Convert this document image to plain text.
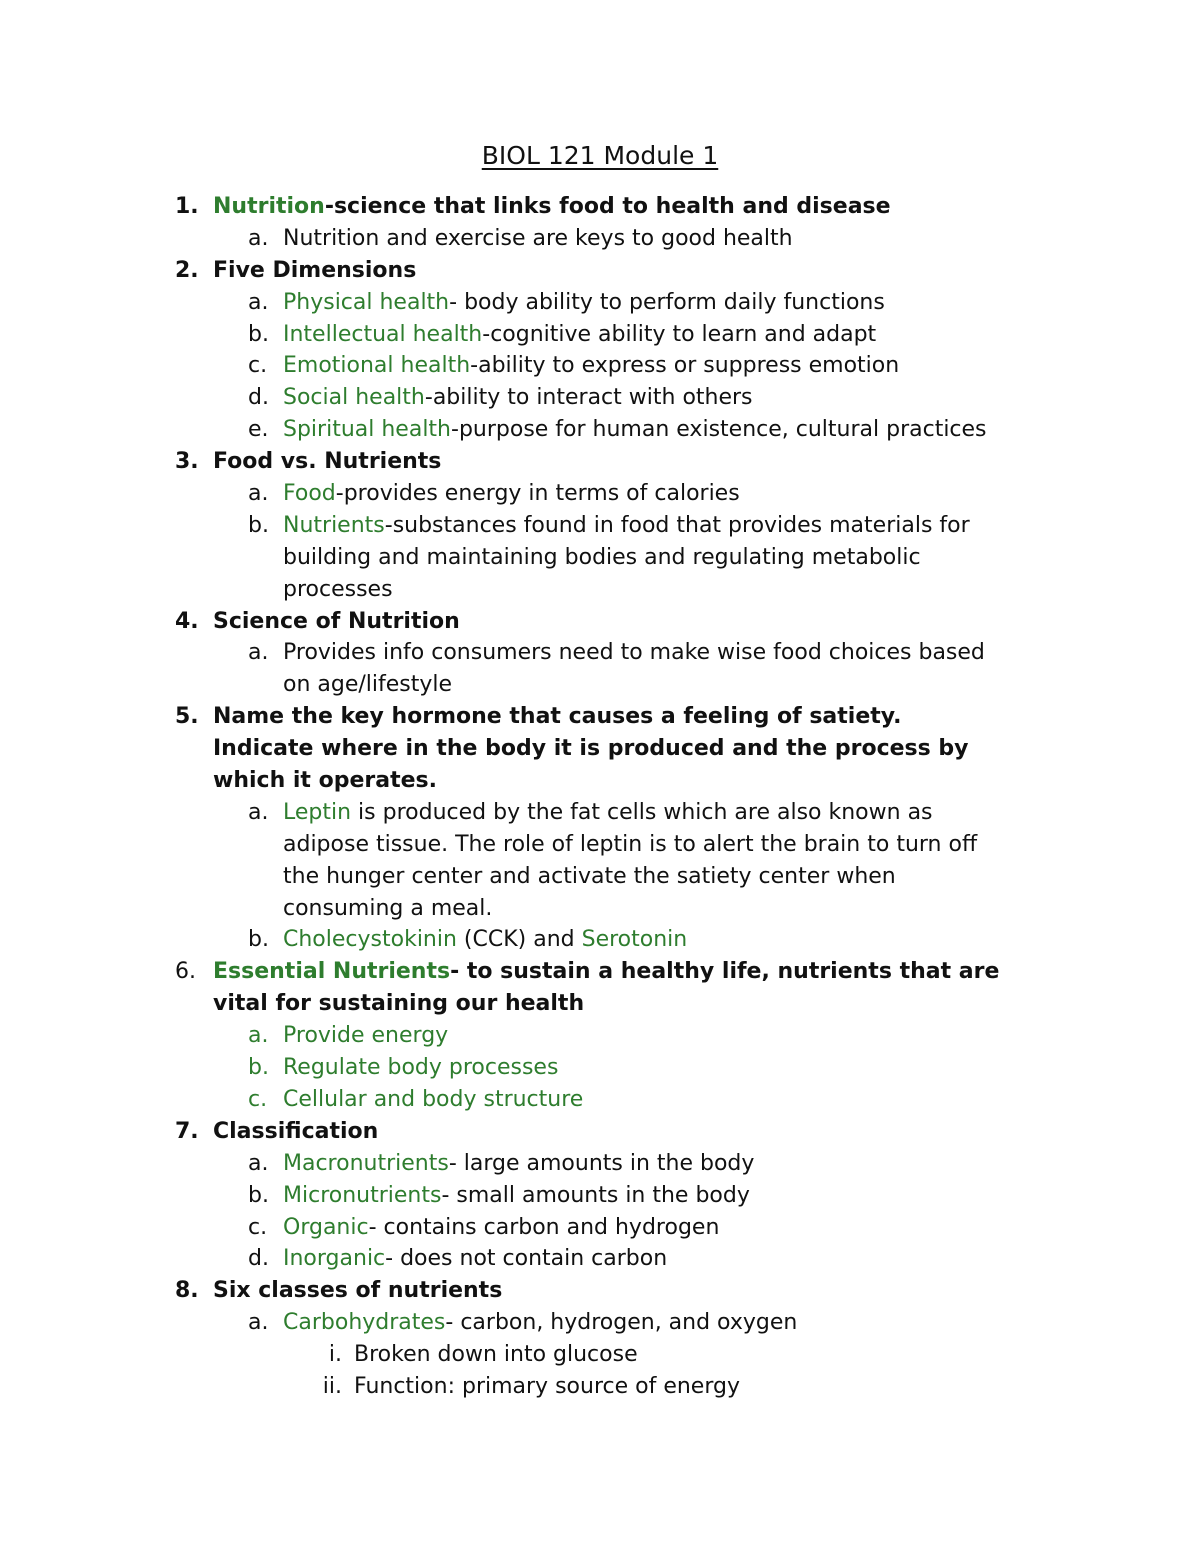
BIOL 121 Module 1
1. Nutrition-science that links food to health and disease
a. Nutrition and exercise are keys to good health
2. Five Dimensions
a. Physical health- body ability to perform daily functions
b. Intellectual health-cognitive ability to learn and adapt
c. Emotional health-ability to express or suppress emotion
d. Social health-ability to interact with others
e. Spiritual health-purpose for human existence, cultural practices
3. Food vs. Nutrients
a. Food-provides energy in terms of calories
b. Nutrients-substances found in food that provides materials for
building and maintaining bodies and regulating metabolic
processes
4. Science of Nutrition
a. Provides info consumers need to make wise food choices based
on age/lifestyle
5. Name the key hormone that causes a feeling of satiety.
Indicate where in the body it is produced and the process by
which it operates.
a. Leptin is produced by the fat cells which are also known as
adipose tissue. The role of leptin is to alert the brain to turn off
the hunger center and activate the satiety center when
consuming a meal.
b. Cholecystokinin (CCK) and Serotonin
6. Essential Nutrients- to sustain a healthy life, nutrients that are
vital for sustaining our health
a. Provide energy
b. Regulate body processes
c. Cellular and body structure
7. Classification
a. Macronutrients- large amounts in the body
b. Micronutrients- small amounts in the body
c. Organic- contains carbon and hydrogen
d. Inorganic- does not contain carbon
8. Six classes of nutrients
a. Carbohydrates- carbon, hydrogen, and oxygen
i. Broken down into glucose
ii. Function: primary source of energy
